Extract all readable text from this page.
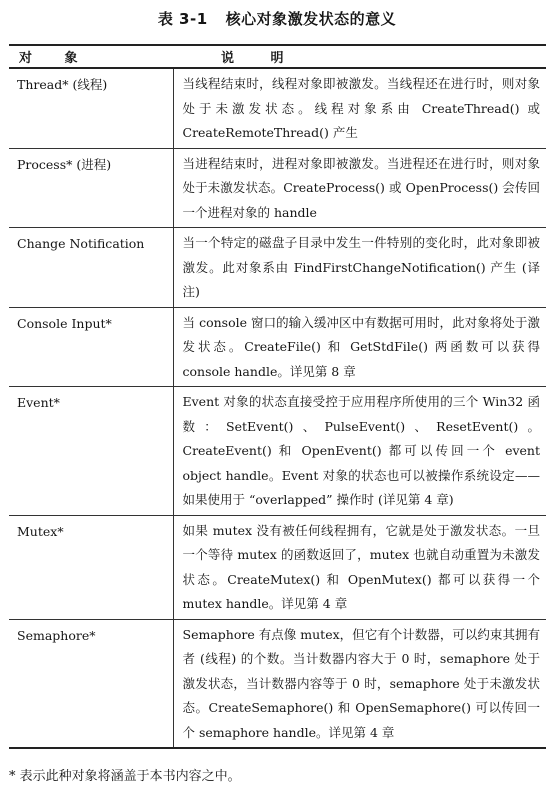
表 3-1 核心对象激发状态的意义
对 象	说 明
Thread* (线程)	当线程结束时，线程对象即被激发。当线程还在进行时，则对象处于未激发状态。线程对象系由 CreateThread() 或 CreateRemoteThread() 产生
Process* (进程)	当进程结束时，进程对象即被激发。当进程还在进行时，则对象处于未激发状态。CreateProcess() 或 OpenProcess() 会传回一个进程对象的 handle
Change Notification	当一个特定的磁盘子目录中发生一件特别的变化时，此对象即被激发。此对象系由 FindFirstChangeNotification() 产生 (译注)
Console Input*	当 console 窗口的输入缓冲区中有数据可用时，此对象将处于激发状态。CreateFile() 和 GetStdFile() 两函数可以获得 console handle。详见第 8 章
Event*	Event 对象的状态直接受控于应用程序所使用的三个 Win32 函数：SetEvent()、PulseEvent()、ResetEvent()。CreateEvent() 和 OpenEvent() 都可以传回一个 event object handle。Event 对象的状态也可以被操作系统设定——如果使用于 “overlapped” 操作时 (详见第 4 章)
Mutex*	如果 mutex 没有被任何线程拥有，它就是处于激发状态。一旦一个等待 mutex 的函数返回了，mutex 也就自动重置为未激发状态。CreateMutex() 和 OpenMutex() 都可以获得一个 mutex handle。详见第 4 章
Semaphore*	Semaphore 有点像 mutex，但它有个计数器，可以约束其拥有者 (线程) 的个数。当计数器内容大于 0 时，semaphore 处于激发状态，当计数器内容等于 0 时，semaphore 处于未激发状态。CreateSemaphore() 和 OpenSemaphore() 可以传回一个 semaphore handle。详见第 4 章
* 表示此种对象将涵盖于本书内容之中。
